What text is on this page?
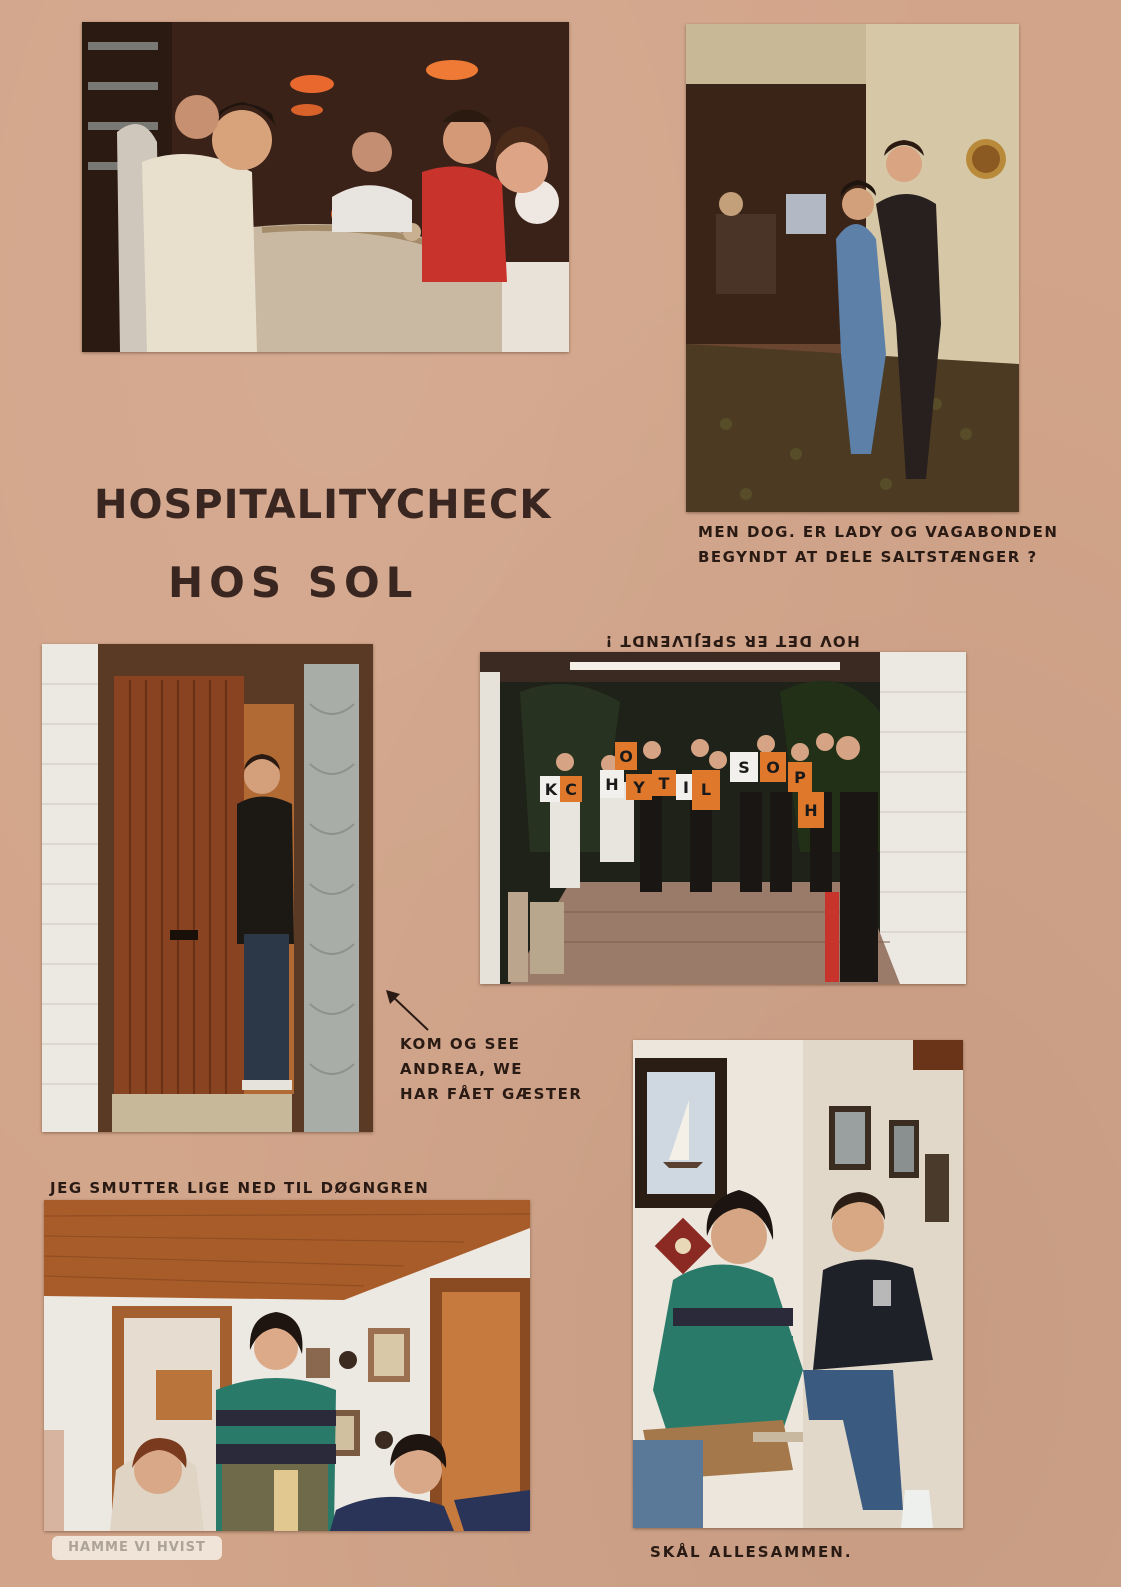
HOSPITALITYCHECK
HOS SOL
MEN DOG. ER LADY OG VAGABONDEN
BEGYNDT AT DELE SALTSTÆNGER ?
HOV DET ER SPEJLVENDT !
K C
O
H Y T I L
S O
P
H
KOM OG SEE
ANDREA, WE
HAR FÅET GÆSTER
JEG SMUTTER LIGE NED TIL DØGNGREN
HAMME VI HVIST	SKÅL ALLESAMMEN.
